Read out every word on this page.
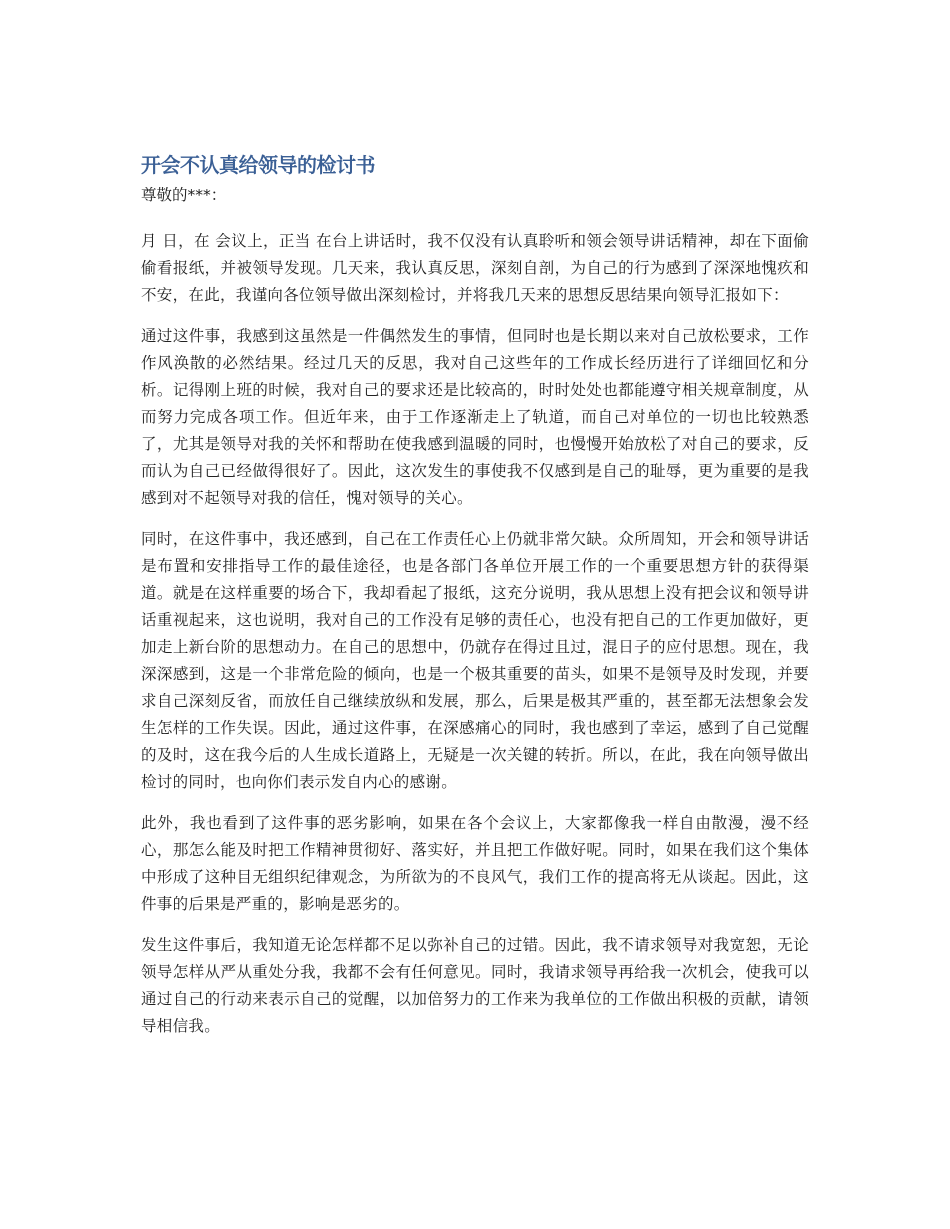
开会不认真给领导的检讨书

尊敬的***：

月 日，在 会议上，正当 在台上讲话时，我不仅没有认真聆听和领会领导讲话精神，却在下面偷偷看报纸，并被领导发现。几天来，我认真反思，深刻自剖，为自己的行为感到了深深地愧疚和不安，在此，我谨向各位领导做出深刻检讨，并将我几天来的思想反思结果向领导汇报如下：

通过这件事，我感到这虽然是一件偶然发生的事情，但同时也是长期以来对自己放松要求，工作作风涣散的必然结果。经过几天的反思，我对自己这些年的工作成长经历进行了详细回忆和分析。记得刚上班的时候，我对自己的要求还是比较高的，时时处处也都能遵守相关规章制度，从而努力完成各项工作。但近年来，由于工作逐渐走上了轨道，而自己对单位的一切也比较熟悉了，尤其是领导对我的关怀和帮助在使我感到温暖的同时，也慢慢开始放松了对自己的要求，反而认为自己已经做得很好了。因此，这次发生的事使我不仅感到是自己的耻辱，更为重要的是我感到对不起领导对我的信任，愧对领导的关心。

同时，在这件事中，我还感到，自己在工作责任心上仍就非常欠缺。众所周知，开会和领导讲话是布置和安排指导工作的最佳途径，也是各部门各单位开展工作的一个重要思想方针的获得渠道。就是在这样重要的场合下，我却看起了报纸，这充分说明，我从思想上没有把会议和领导讲话重视起来，这也说明，我对自己的工作没有足够的责任心，也没有把自己的工作更加做好，更加走上新台阶的思想动力。在自己的思想中，仍就存在得过且过，混日子的应付思想。现在，我深深感到，这是一个非常危险的倾向，也是一个极其重要的苗头，如果不是领导及时发现，并要求自己深刻反省，而放任自己继续放纵和发展，那么，后果是极其严重的，甚至都无法想象会发生怎样的工作失误。因此，通过这件事，在深感痛心的同时，我也感到了幸运，感到了自己觉醒的及时，这在我今后的人生成长道路上，无疑是一次关键的转折。所以，在此，我在向领导做出检讨的同时，也向你们表示发自内心的感谢。

此外，我也看到了这件事的恶劣影响，如果在各个会议上，大家都像我一样自由散漫，漫不经心，那怎么能及时把工作精神贯彻好、落实好，并且把工作做好呢。同时，如果在我们这个集体中形成了这种目无组织纪律观念，为所欲为的不良风气，我们工作的提高将无从谈起。因此，这件事的后果是严重的，影响是恶劣的。

发生这件事后，我知道无论怎样都不足以弥补自己的过错。因此，我不请求领导对我宽恕，无论领导怎样从严从重处分我，我都不会有任何意见。同时，我请求领导再给我一次机会，使我可以通过自己的行动来表示自己的觉醒，以加倍努力的工作来为我单位的工作做出积极的贡献，请领导相信我。
